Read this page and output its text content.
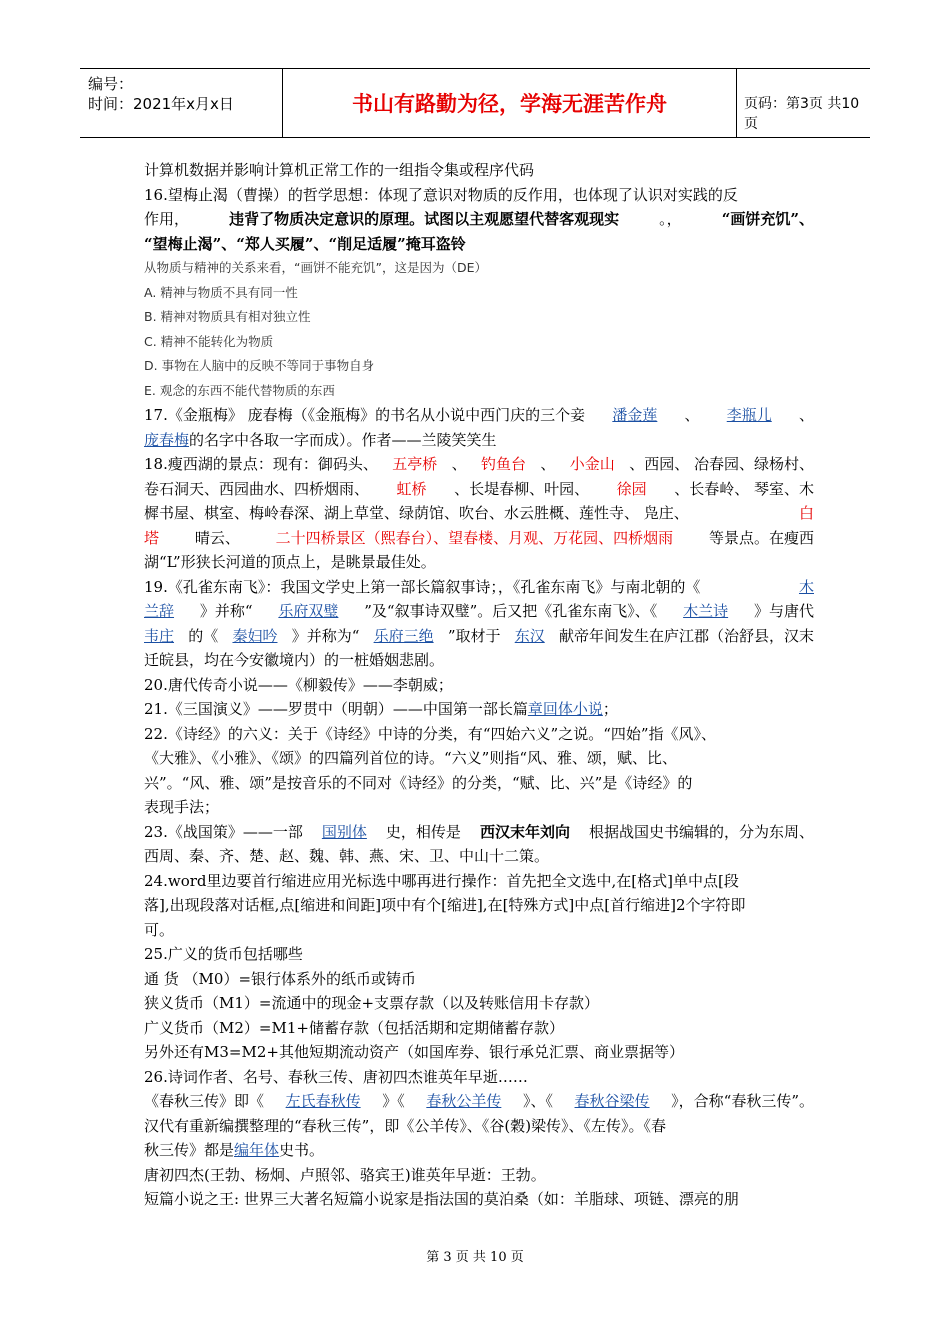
编号：
时间：2021年x月x日	书山有路勤为径，学海无涯苦作舟	页码：第3页 共10页
计算机数据并影响计算机正常工作的一组指令集或程序代码
16.望梅止渴（曹操）的哲学思想：体现了意识对物质的反作用，也体现了认识对实践的反
作用，	违背了物质决定意识的原理。试图以主观愿望代替客观现实	。，	“画饼充饥”、
“望梅止渴”、“郑人买履”、“削足适履”掩耳盗铃
从物质与精神的关系来看，“画饼不能充饥”，这是因为（DE）
A. 精神与物质不具有同一性
B. 精神对物质具有相对独立性
C. 精神不能转化为物质
D. 事物在人脑中的反映不等同于事物自身
E. 观念的东西不能代替物质的东西
17.《金瓶梅》 庞春梅（《金瓶梅》的书名从小说中西门庆的三个妾 潘金莲 、 李瓶儿 、
庞春梅的名字中各取一字而成）。作者——兰陵笑笑生
18.瘦西湖的景点：现有：御码头、 五亭桥 、 钓鱼台 、 小金山 、西园、 冶春园、绿杨村、
卷石洞天、西园曲水、四桥烟雨、 虹桥 、长堤春柳、叶园、 徐园 、长春岭、 琴室、木
樨书屋、棋室、梅岭春深、湖上草堂、绿荫馆、吹台、水云胜概、莲性寺、 凫庄、	白
塔 晴云、 二十四桥景区（熙春台）、望春楼、月观、万花园、四桥烟雨 等景点。在瘦西
湖“L”形狭长河道的顶点上，是眺景最佳处。
19.《孔雀东南飞》：我国文学史上第一部长篇叙事诗；，《孔雀东南飞》与南北朝的《	木
兰辞 》并称“ 乐府双璧 ”及“叙事诗双璧”。后又把《孔雀东南飞》、《 木兰诗 》与唐代
韦庄 的《 秦妇吟 》并称为“ 乐府三绝 ”取材于 东汉 献帝年间发生在庐江郡（治舒县，汉末
迁皖县，均在今安徽境内）的一桩婚姻悲剧。
20.唐代传奇小说——《柳毅传》——李朝威；
21.《三国演义》——罗贯中（明朝）——中国第一部长篇章回体小说；
22.《诗经》的六义：关于《诗经》中诗的分类，有“四始六义”之说。“四始”指《风》、
《大雅》、《小雅》、《颂》的四篇列首位的诗。“六义”则指“风、雅、颂，赋、比、
兴”。“风、雅、颂”是按音乐的不同对《诗经》的分类，“赋、比、兴”是《诗经》的
表现手法；
23.《战国策》——一部 国别体 史，相传是 西汉末年刘向 根据战国史书编辑的，分为东周、
西周、秦、齐、楚、赵、魏、韩、燕、宋、卫、中山十二策。
24.word里边要首行缩进应用光标选中哪再进行操作：首先把全文选中,在[格式]单中点[段
落],出现段落对话框,点[缩进和间距]项中有个[缩进],在[特殊方式]中点[首行缩进]2个字符即
可。
25.广义的货币包括哪些
通 货 （M0）=银行体系外的纸币或铸币
狭义货币（M1）=流通中的现金+支票存款（以及转账信用卡存款）
广义货币（M2）=M1+储蓄存款（包括活期和定期储蓄存款）
另外还有M3=M2+其他短期流动资产（如国库券、银行承兑汇票、商业票据等）
26.诗词作者、名号、春秋三传、唐初四杰谁英年早逝……
《春秋三传》即《 左氏春秋传 》《 春秋公羊传 》、《 春秋谷梁传 》，合称“春秋三传”。
汉代有重新编撰整理的“春秋三传”，即《公羊传》、《谷(穀)梁传》、《左传》。《春
秋三传》都是编年体史书。
唐初四杰(王勃、杨炯、卢照邻、骆宾王)谁英年早逝：王勃。
短篇小说之王: 世界三大著名短篇小说家是指法国的莫泊桑（如：羊脂球、项链、漂亮的朋
第 3 页 共 10 页
